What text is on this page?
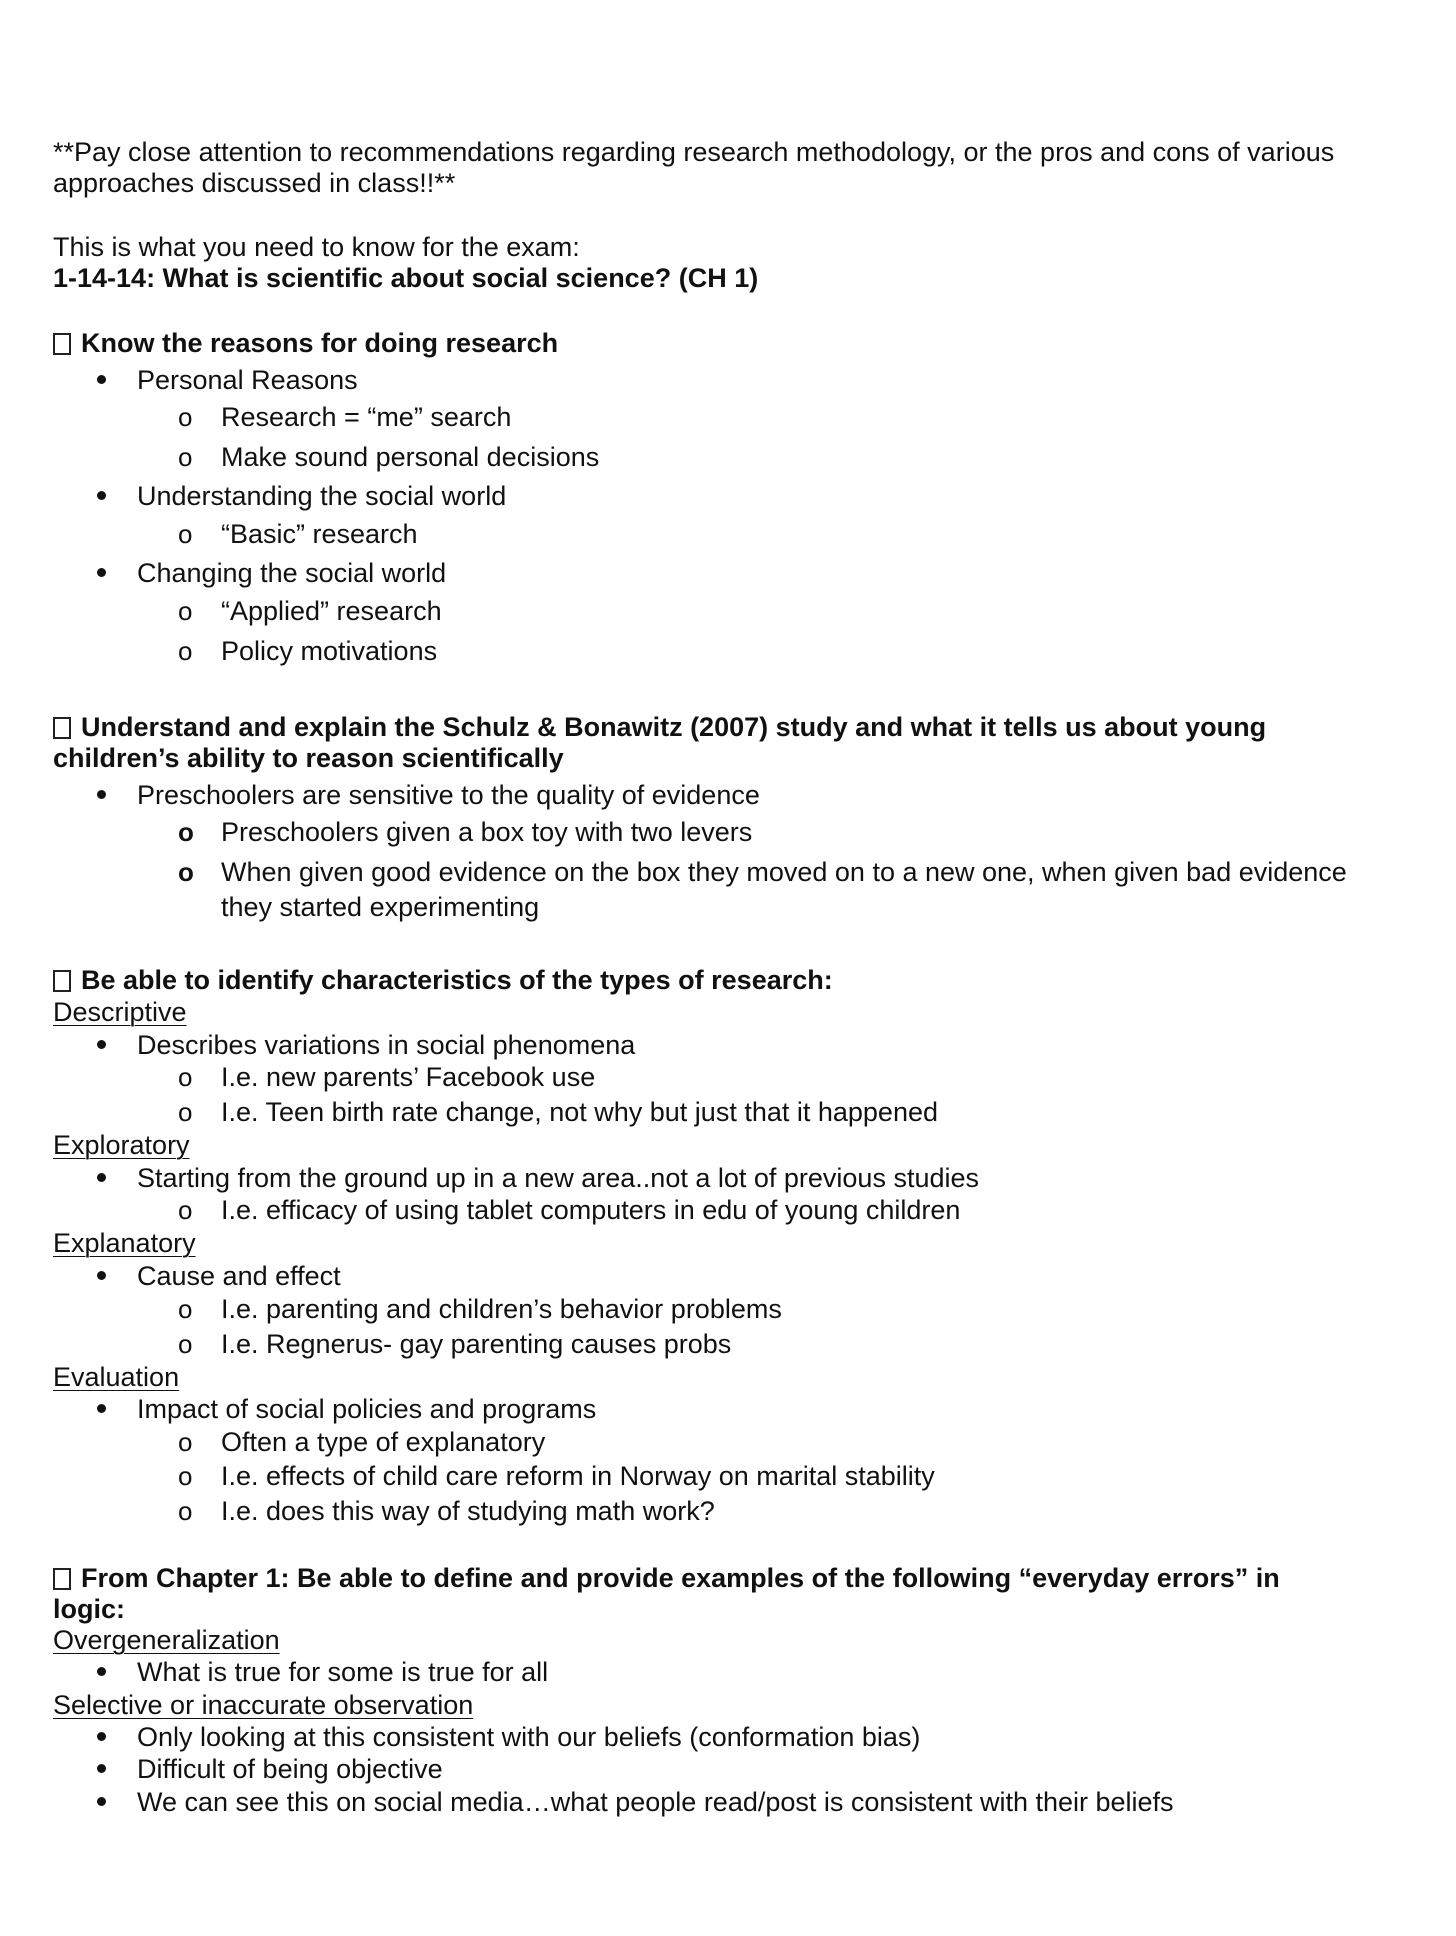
**Pay close attention to recommendations regarding research methodology, or the pros and cons of various
approaches discussed in class!!**
This is what you need to know for the exam:
1-14-14: What is scientific about social science? (CH 1)
Know the reasons for doing research
Personal Reasons
o Research = “me” search
o Make sound personal decisions
Understanding the social world
o “Basic” research
Changing the social world
o “Applied” research
o Policy motivations
Understand and explain the Schulz & Bonawitz (2007) study and what it tells us about young
children’s ability to reason scientifically
Preschoolers are sensitive to the quality of evidence
o Preschoolers given a box toy with two levers
o When given good evidence on the box they moved on to a new one, when given bad evidence
they started experimenting
Be able to identify characteristics of the types of research:
Descriptive
Describes variations in social phenomena
o I.e. new parents’ Facebook use
o I.e. Teen birth rate change, not why but just that it happened
Exploratory
Starting from the ground up in a new area..not a lot of previous studies
o I.e. efficacy of using tablet computers in edu of young children
Explanatory
Cause and effect
o I.e. parenting and children’s behavior problems
o I.e. Regnerus- gay parenting causes probs
Evaluation
Impact of social policies and programs
o Often a type of explanatory
o I.e. effects of child care reform in Norway on marital stability
o I.e. does this way of studying math work?
From Chapter 1: Be able to define and provide examples of the following “everyday errors” in
logic:
Overgeneralization
What is true for some is true for all
Selective or inaccurate observation
Only looking at this consistent with our beliefs (conformation bias)
Difficult of being objective
We can see this on social media…what people read/post is consistent with their beliefs
